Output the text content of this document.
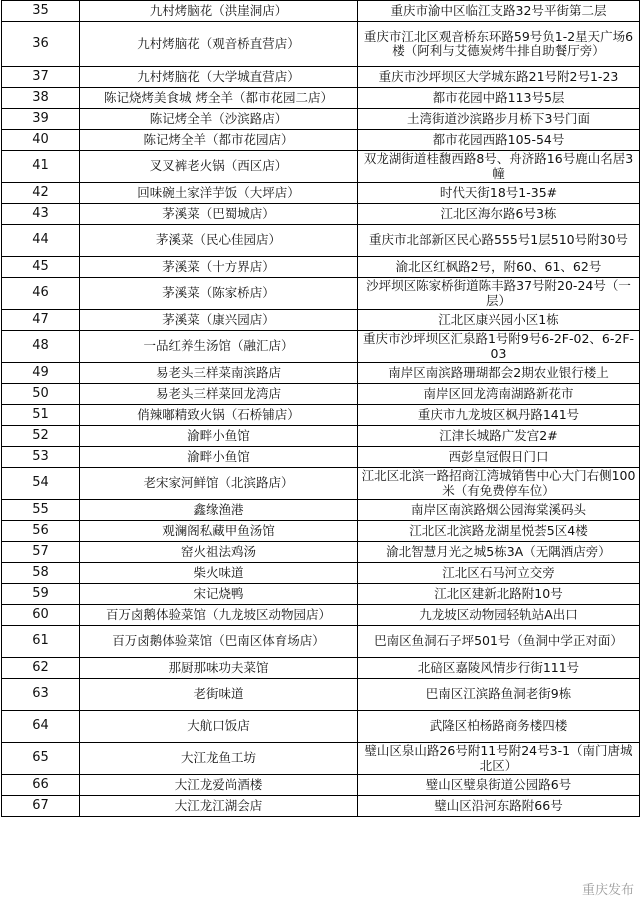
35	九村烤脑花（洪崖洞店）	重庆市渝中区临江支路32号平街第二层
36	九村烤脑花（观音桥直营店）	重庆市江北区观音桥东环路59号负1-2星天广场6楼（阿利与艾德炭烤牛排自助餐厅旁）
37	九村烤脑花（大学城直营店）	重庆市沙坪坝区大学城东路21号附2号1-23
38	陈记烧烤美食城 烤全羊（都市花园二店）	都市花园中路113号5层
39	陈记烤全羊（沙滨路店）	土湾街道沙滨路步月桥下3号门面
40	陈记烤全羊（都市花园店）	都市花园西路105-54号
41	叉叉裤老火锅（西区店）	双龙湖街道桂馥西路8号、舟济路16号鹿山名居3幢
42	回味碗土家洋芋饭（大坪店）	时代天街18号1-35#
43	茅溪菜（巴蜀城店）	江北区海尔路6号3栋
44	茅溪菜（民心佳园店）	重庆市北部新区民心路555号1层510号附30号
45	茅溪菜（十方界店）	渝北区红枫路2号，附60、61、62号
46	茅溪菜（陈家桥店）	沙坪坝区陈家桥街道陈丰路37号附20-24号（一层）
47	茅溪菜（康兴园店）	江北区康兴园小区1栋
48	一品红养生汤馆（融汇店）	重庆市沙坪坝区汇泉路1号附9号6-2F-02、6-2F-03
49	易老头三样菜南滨路店	南岸区南滨路珊瑚都会2期农业银行楼上
50	易老头三样菜回龙湾店	南岸区回龙湾南湖路新花市
51	俏辣嘟精致火锅（石桥铺店）	重庆市九龙坡区枫丹路141号
52	渝畔小鱼馆	江津长城路广发宫2#
53	渝畔小鱼馆	西彭皇冠假日门口
54	老宋家河鲜馆（北滨路店）	江北区北滨一路招商江湾城销售中心大门右侧100米（有免费停车位）
55	鑫缘渔港	南岸区南滨路烟公园海棠溪码头
56	观澜阁私藏甲鱼汤馆	江北区北滨路龙湖星悦荟5区4楼
57	窑火祖法鸡汤	渝北智慧月光之城5栋3A（无隅酒店旁）
58	柴火味道	江北区石马河立交旁
59	宋记烧鸭	江北区建新北路附10号
60	百万卤鹅体验菜馆（九龙坡区动物园店）	九龙坡区动物园轻轨站A出口
61	百万卤鹅体验菜馆（巴南区体育场店）	巴南区鱼洞石子坪501号（鱼洞中学正对面）
62	那厨那味功夫菜馆	北碚区嘉陵风情步行街111号
63	老街味道	巴南区江滨路鱼洞老街9栋
64	大航口饭店	武隆区柏杨路商务楼四楼
65	大江龙鱼工坊	璧山区泉山路26号附11号附24号3-1（南门唐城北区）
66	大江龙爱尚酒楼	璧山区璧泉街道公园路6号
67	大江龙江湖会店	璧山区沿河东路附66号
重庆发布
